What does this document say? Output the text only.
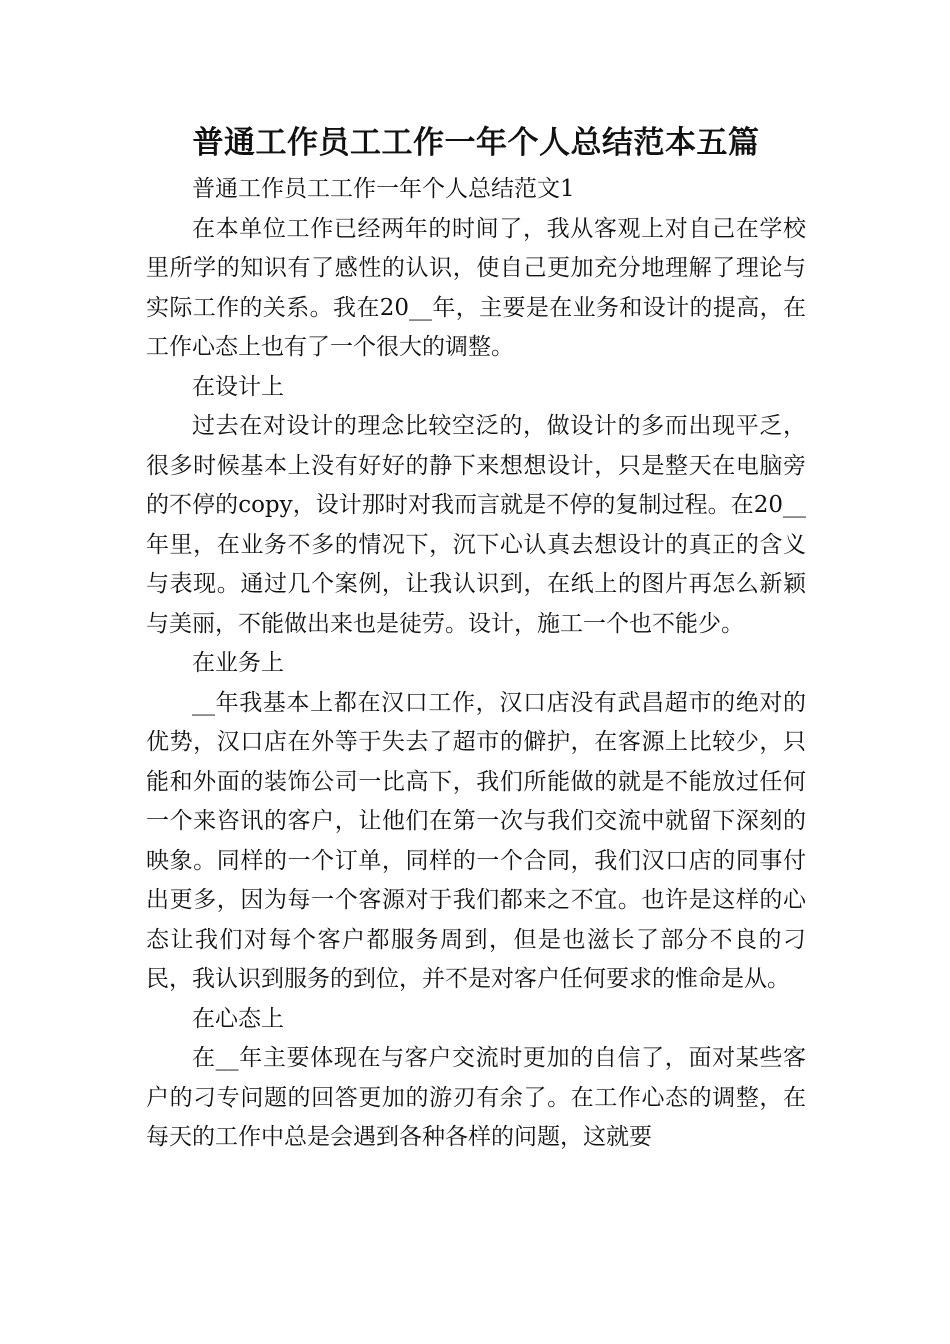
普通工作员工工作一年个人总结范本五篇

普通工作员工工作一年个人总结范文1

在本单位工作已经两年的时间了，我从客观上对自己在学校里所学的知识有了感性的认识，使自己更加充分地理解了理论与实际工作的关系。我在20__年，主要是在业务和设计的提高，在工作心态上也有了一个很大的调整。

在设计上

过去在对设计的理念比较空泛的，做设计的多而出现平乏，很多时候基本上没有好好的静下来想想设计，只是整天在电脑旁的不停的copy，设计那时对我而言就是不停的复制过程。在20__年里，在业务不多的情况下，沉下心认真去想设计的真正的含义与表现。通过几个案例，让我认识到，在纸上的图片再怎么新颖与美丽，不能做出来也是徒劳。设计，施工一个也不能少。

在业务上

__年我基本上都在汉口工作，汉口店没有武昌超市的绝对的优势，汉口店在外等于失去了超市的僻护，在客源上比较少，只能和外面的装饰公司一比高下，我们所能做的就是不能放过任何一个来咨讯的客户，让他们在第一次与我们交流中就留下深刻的映象。同样的一个订单，同样的一个合同，我们汉口店的同事付出更多，因为每一个客源对于我们都来之不宜。也许是这样的心态让我们对每个客户都服务周到，但是也滋长了部分不良的刁民，我认识到服务的到位，并不是对客户任何要求的惟命是从。

在心态上

在__年主要体现在与客户交流时更加的自信了，面对某些客户的刁专问题的回答更加的游刃有余了。在工作心态的调整，在每天的工作中总是会遇到各种各样的问题，这就要
